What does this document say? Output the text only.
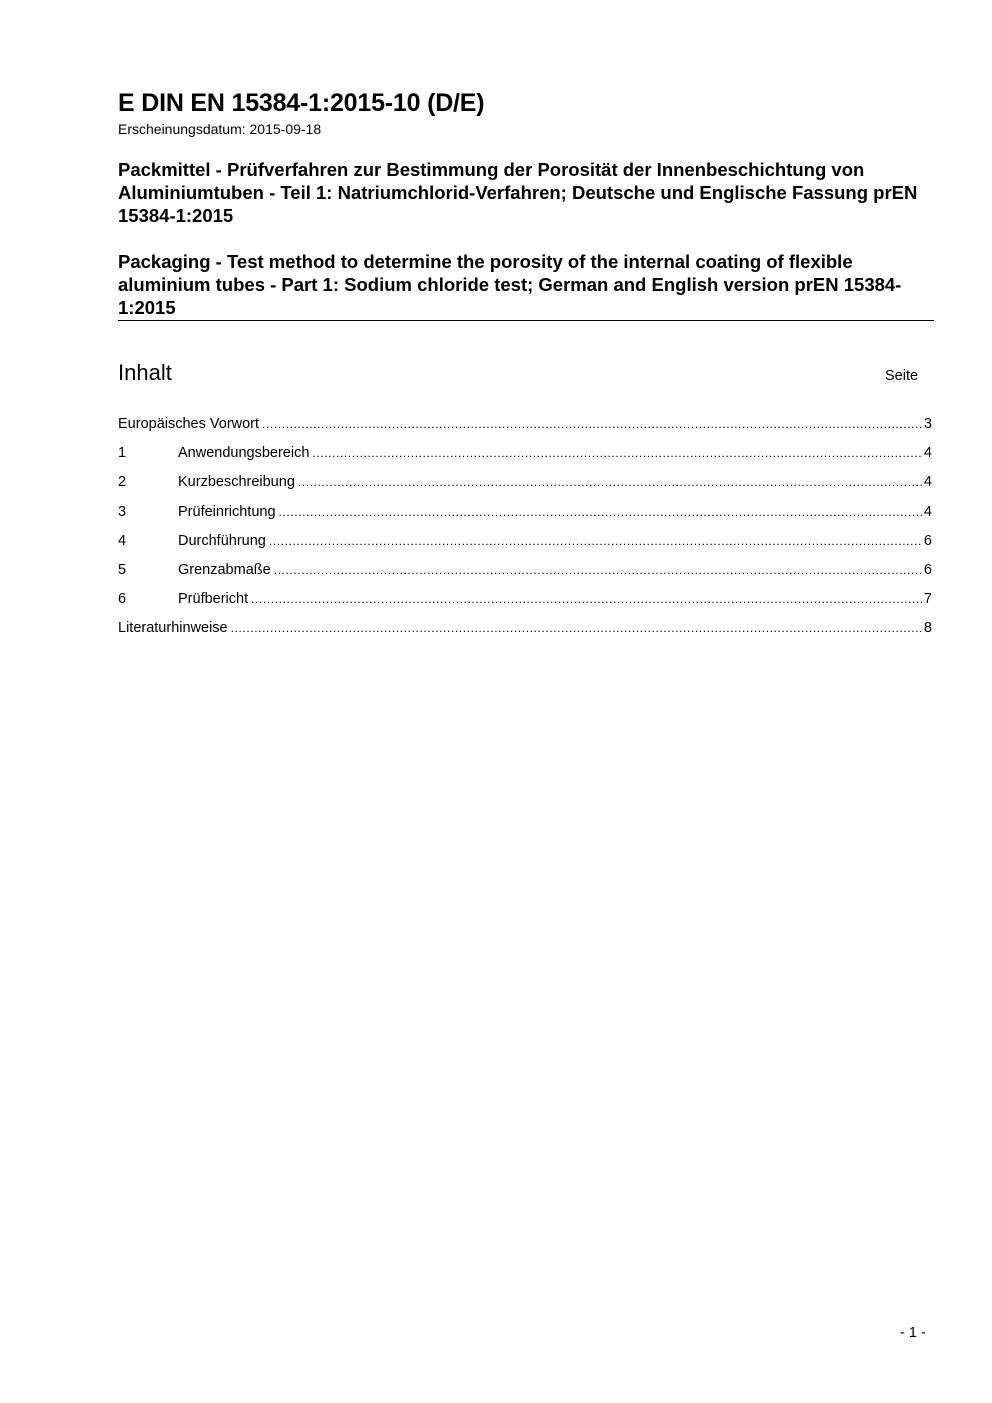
E DIN EN 15384-1:2015-10 (D/E)
Erscheinungsdatum: 2015-09-18
Packmittel - Prüfverfahren zur Bestimmung der Porosität der Innenbeschichtung von Aluminiumtuben - Teil 1: Natriumchlorid-Verfahren; Deutsche und Englische Fassung prEN 15384-1:2015
Packaging - Test method to determine the porosity of the internal coating of flexible aluminium tubes - Part 1: Sodium chloride test; German and English version prEN 15384-1:2015
Inhalt	Seite
Europäisches Vorwort .....	3
1	Anwendungsbereich .....	4
2	Kurzbeschreibung .....	4
3	Prüfeinrichtung .....	4
4	Durchführung .....	6
5	Grenzabmaße .....	6
6	Prüfbericht .....	7
Literaturhinweise .....	8
- 1 -
